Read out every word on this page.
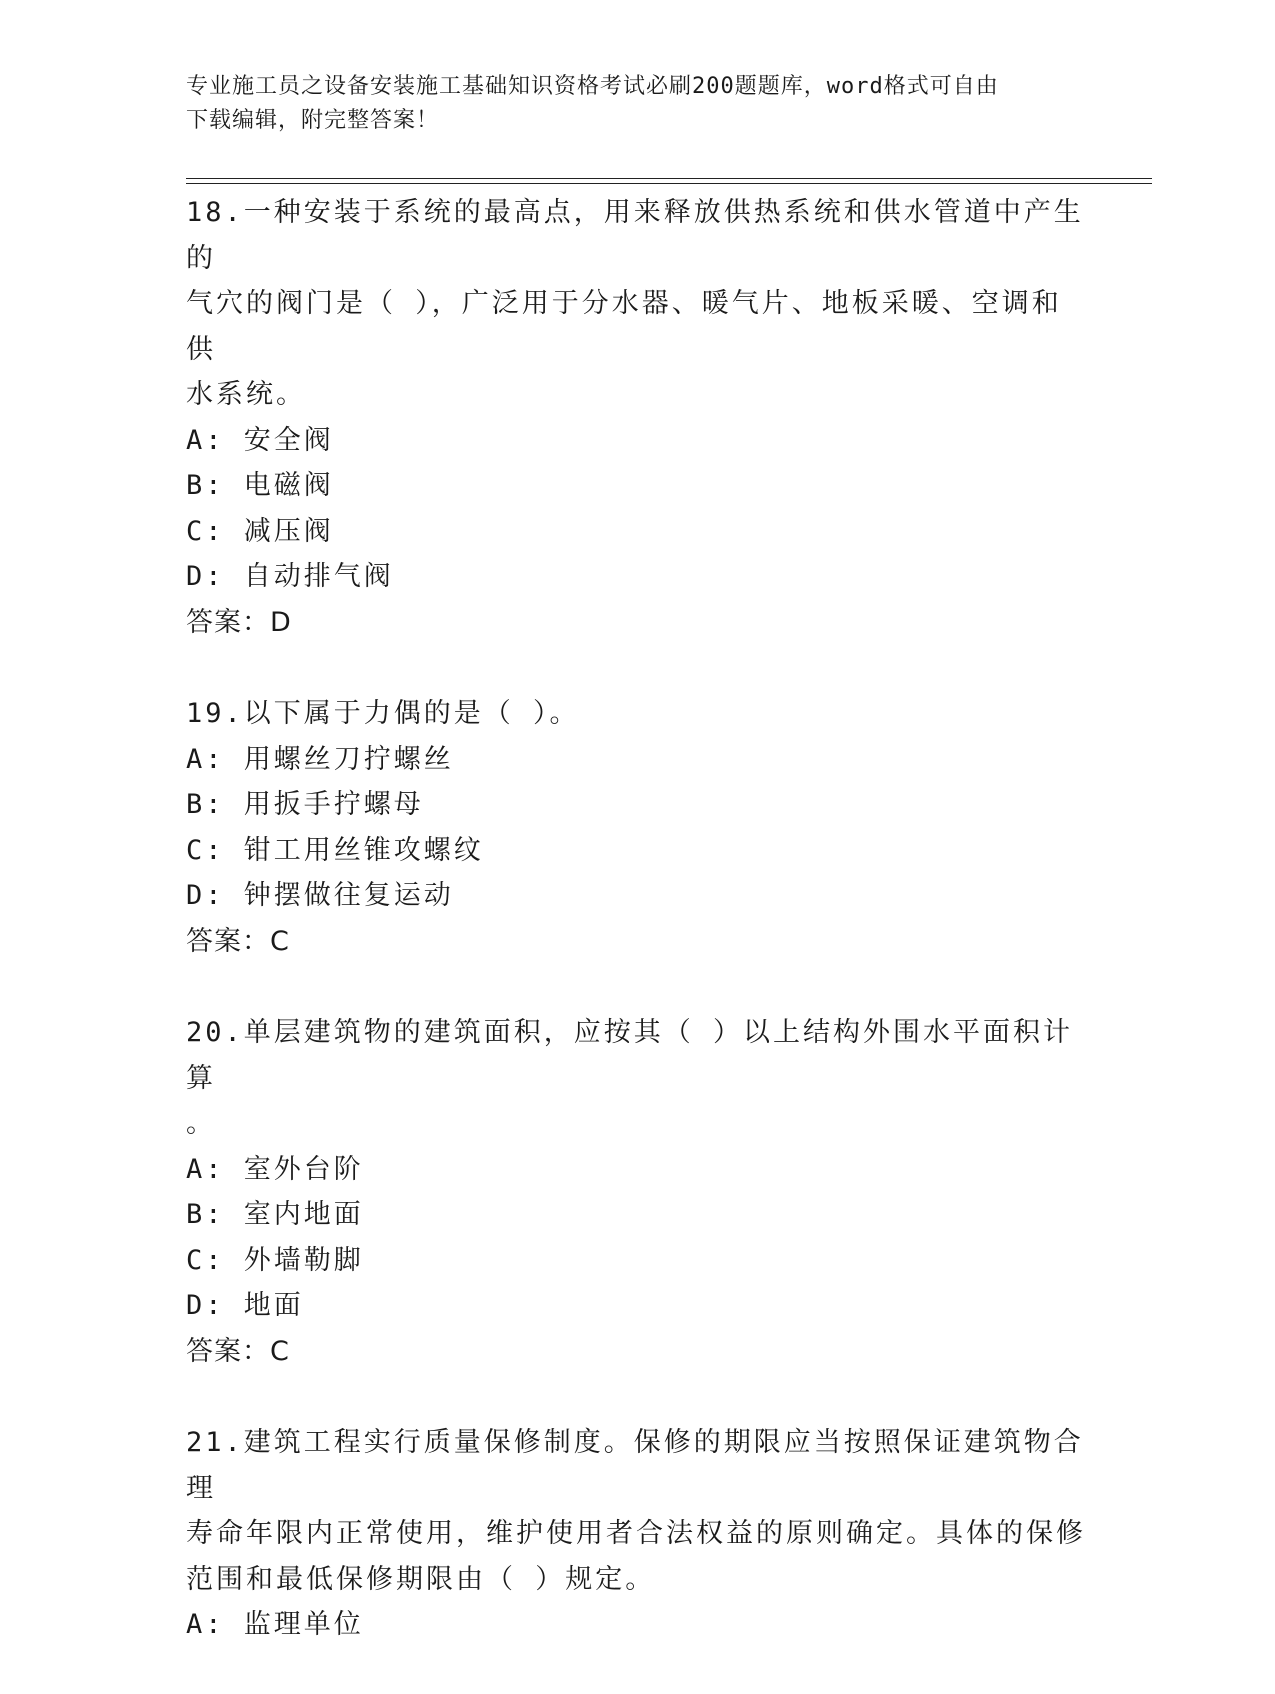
专业施工员之设备安装施工基础知识资格考试必刷200题题库，word格式可自由
下载编辑，附完整答案！
18.一种安装于系统的最高点，用来释放供热系统和供水管道中产生的
气穴的阀门是（ ），广泛用于分水器、暖气片、地板采暖、空调和供
水系统。
A: 安全阀
B: 电磁阀
C: 减压阀
D: 自动排气阀
答案：D
19.以下属于力偶的是（ ）。
A: 用螺丝刀拧螺丝
B: 用扳手拧螺母
C: 钳工用丝锥攻螺纹
D: 钟摆做往复运动
答案：C
20.单层建筑物的建筑面积，应按其（ ）以上结构外围水平面积计算
。
A: 室外台阶
B: 室内地面
C: 外墙勒脚
D: 地面
答案：C
21.建筑工程实行质量保修制度。保修的期限应当按照保证建筑物合理
寿命年限内正常使用，维护使用者合法权益的原则确定。具体的保修
范围和最低保修期限由（ ）规定。
A: 监理单位
